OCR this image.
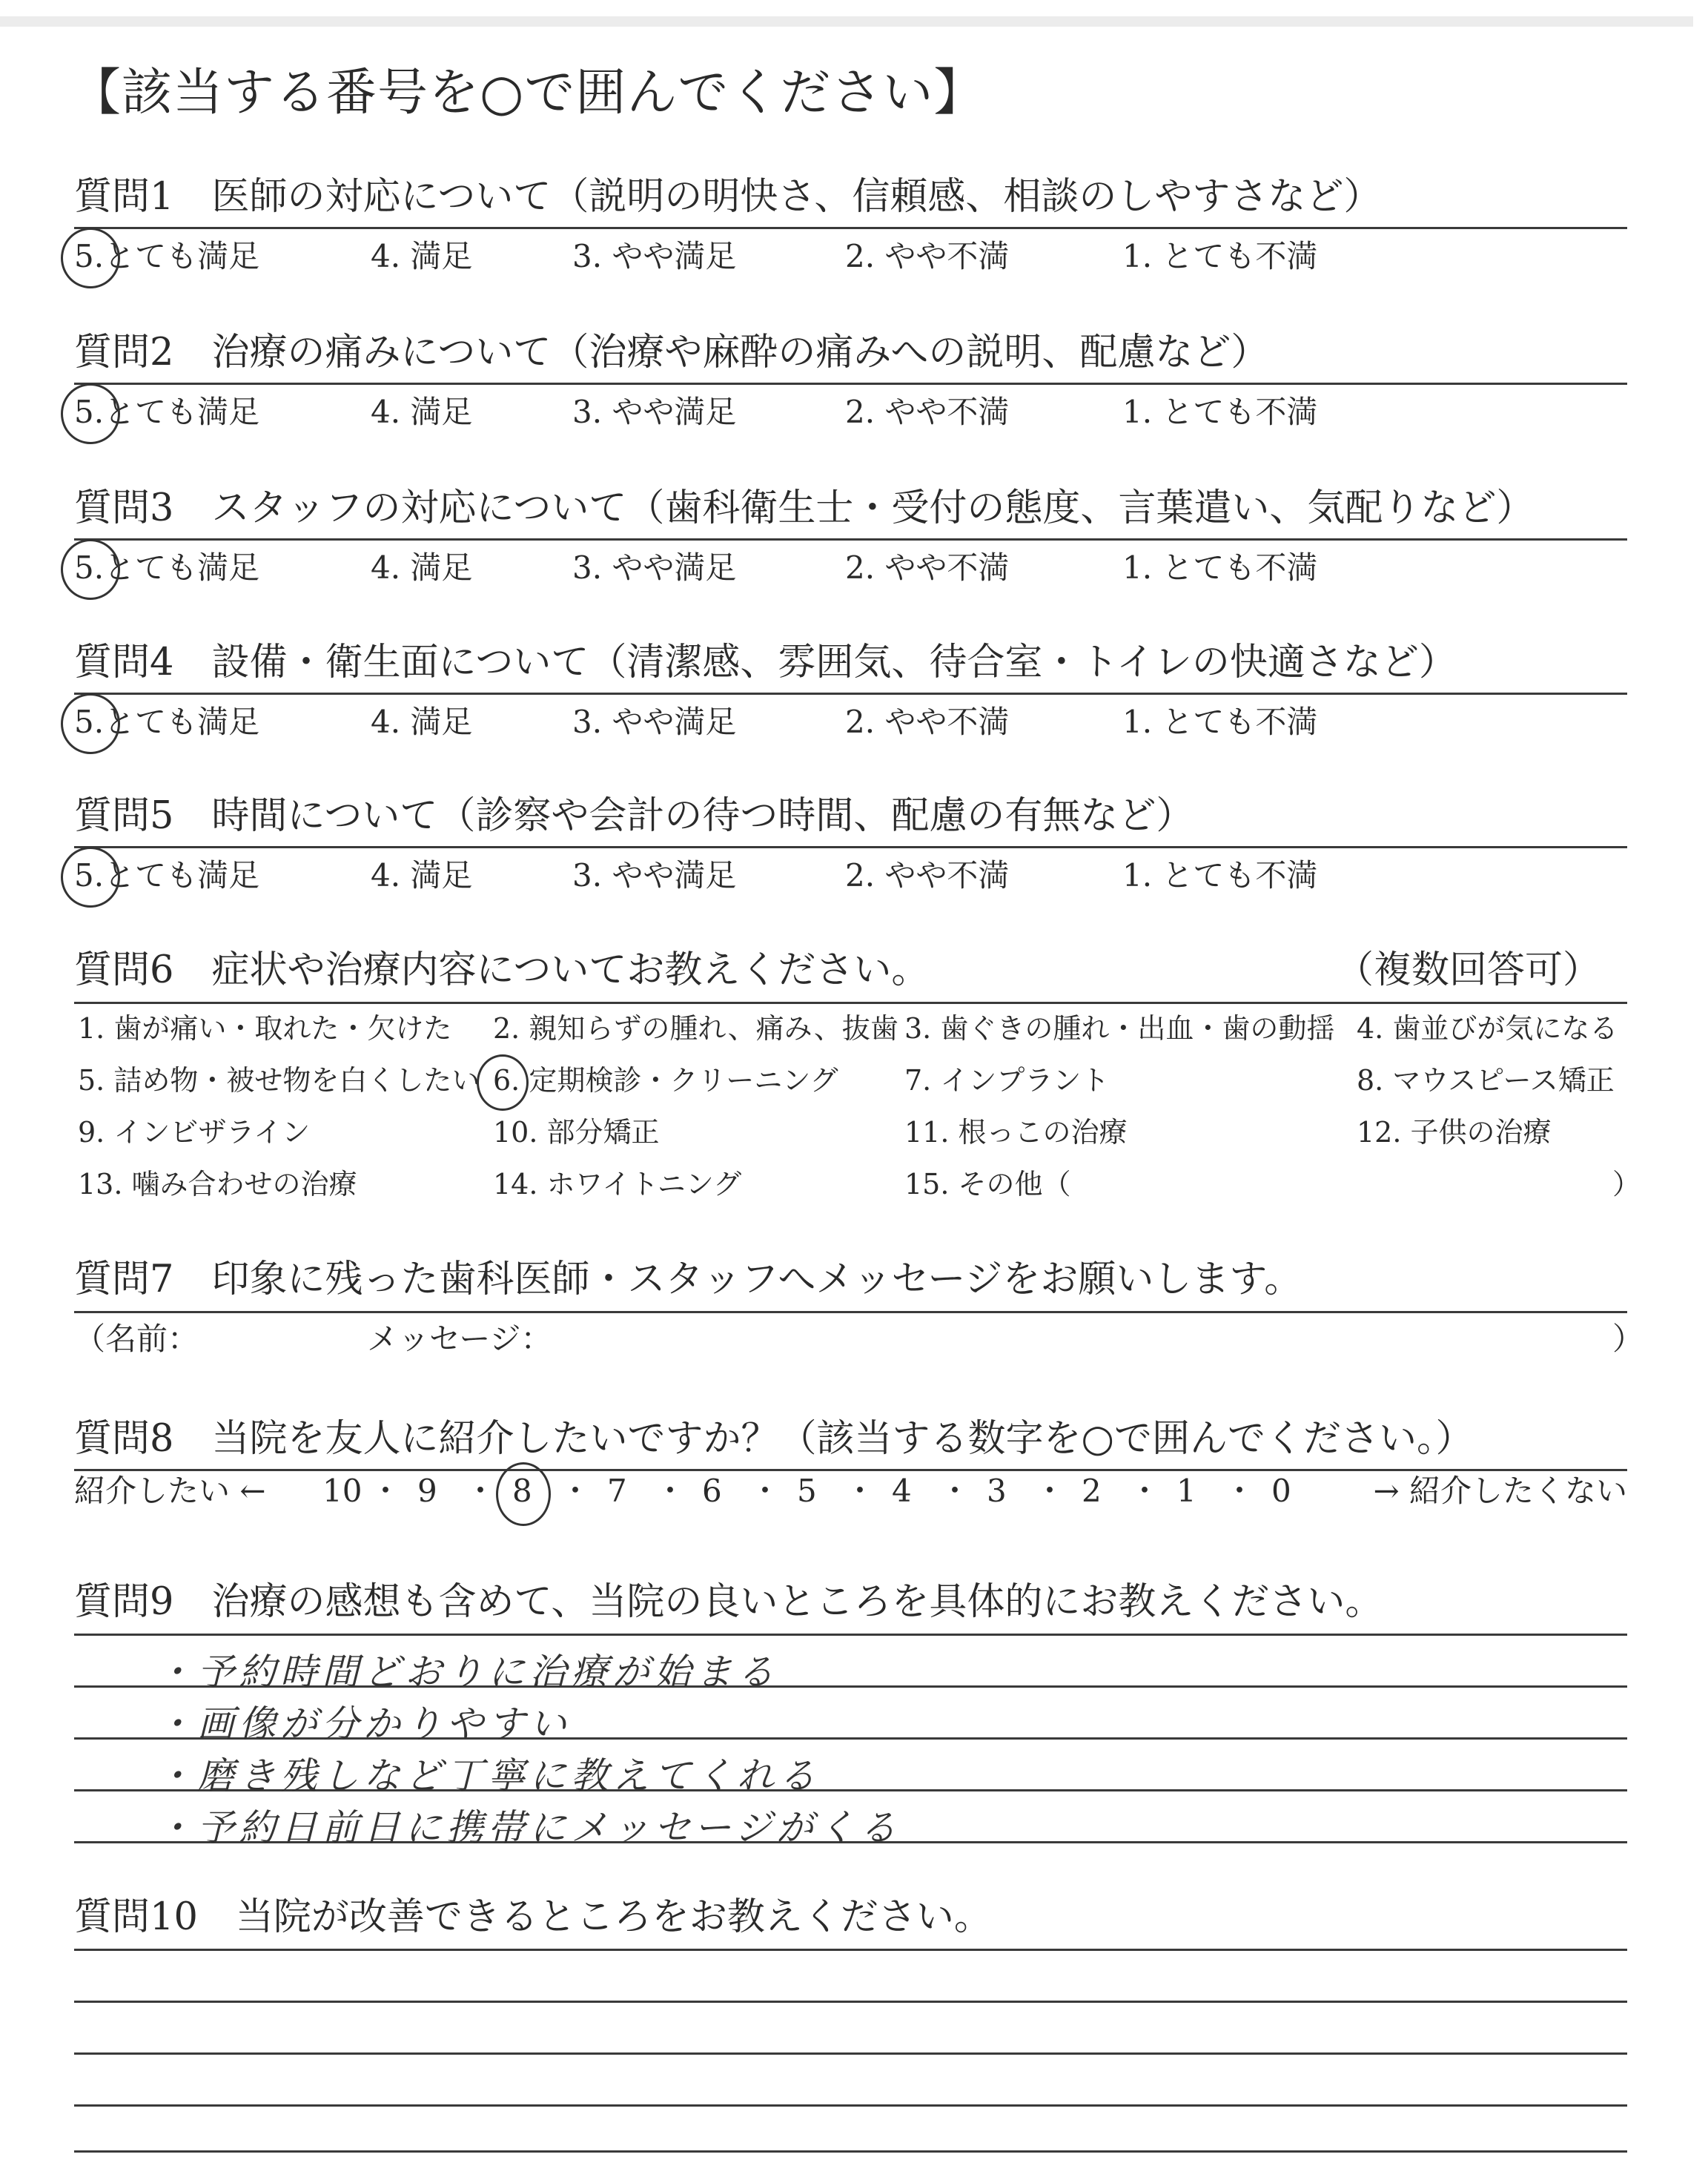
【該当する番号を○で囲んでください】
質問1　医師の対応について（説明の明快さ、信頼感、相談のしやすさなど）
5.とても満足	4. 満足	3. やや満足	2. やや不満	1. とても不満
質問2　治療の痛みについて（治療や麻酔の痛みへの説明、配慮など）
5.とても満足	4. 満足	3. やや満足	2. やや不満	1. とても不満
質問3　スタッフの対応について（歯科衛生士・受付の態度、言葉遣い、気配りなど）
5.とても満足	4. 満足	3. やや満足	2. やや不満	1. とても不満
質問4　設備・衛生面について（清潔感、雰囲気、待合室・トイレの快適さなど）
5.とても満足	4. 満足	3. やや満足	2. やや不満	1. とても不満
質問5　時間について（診察や会計の待つ時間、配慮の有無など）
5.とても満足	4. 満足	3. やや満足	2. やや不満	1. とても不満
質問6　症状や治療内容についてお教えください。	（複数回答可）
1. 歯が痛い・取れた・欠けた 2. 親知らずの腫れ、痛み、抜歯 3. 歯ぐきの腫れ・出血・歯の動揺 4. 歯並びが気になる
5. 詰め物・被せ物を白くしたい 6. 定期検診・クリーニング 7. インプラント	8. マウスピース矯正
9. インビザライン	10. 部分矯正	11. 根っこの治療	12. 子供の治療
13. 噛み合わせの治療	14. ホワイトニング	15. その他（	）
質問7　印象に残った歯科医師・スタッフへメッセージをお願いします。
（名前：	メッセージ：	）
質問8　当院を友人に紹介したいですか？（該当する数字を○で囲んでください。）
紹介したい ←	→ 紹介したくない
10 ・ 9 ・ 8 ・ 7 ・ 6 ・ 5 ・ 4 ・ 3 ・ 2 ・ 1 ・ 0
質問9　治療の感想も含めて、当院の良いところを具体的にお教えください。
・予約時間どおりに治療が始まる
・画像が分かりやすい
・磨き残しなど丁寧に教えてくれる
・予約日前日に携帯にメッセージがくる
質問10　当院が改善できるところをお教えください。
